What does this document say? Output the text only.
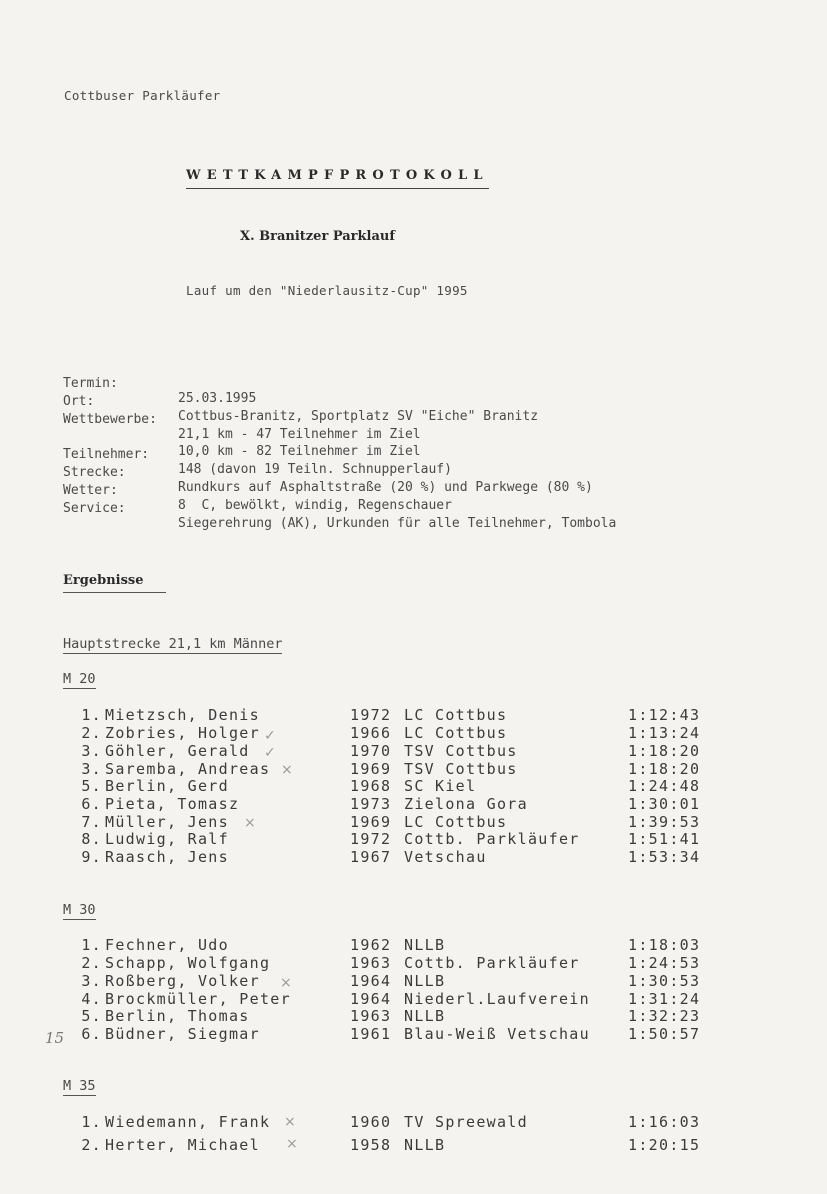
Cottbuser Parkläufer
WETTKAMPFPROTOKOLL
X. Branitzer Parklauf
Lauf um den "Niederlausitz-Cup" 1995

Termin:

25.03.1995

Ort:

Cottbus-Branitz, Sportplatz SV "Eiche" Branitz

Wettbewerbe:

21,1 km - 47 Teilnehmer im Ziel

10,0 km - 82 Teilnehmer im Ziel

Teilnehmer:

148 (davon 19 Teiln. Schnupperlauf)

Strecke:

Rundkurs auf Asphaltstraße (20 %) und Parkwege (80 %)

Wetter:

8  C, bewölkt, windig, Regenschauer

Service:

Siegerehrung (AK), Urkunden für alle Teilnehmer, Tombola

Ergebnisse
Hauptstrecke 21,1 km Männer
M 20
1. Mietzsch, Denis	1972 LC Cottbus	1:12:43
2. Zobries, Holger	1966 LC Cottbus	1:13:24
3. Göhler, Gerald	1970 TSV Cottbus	1:18:20
3. Saremba, Andreas	1969 TSV Cottbus	1:18:20
5. Berlin, Gerd	1968 SC Kiel	1:24:48
6. Pieta, Tomasz	1973 Zielona Gora	1:30:01
7. Müller, Jens	1969 LC Cottbus	1:39:53
8. Ludwig, Ralf	1972 Cottb. Parkläufer	1:51:41
9. Raasch, Jens	1967 Vetschau	1:53:34
M 30
1. Fechner, Udo	1962 NLLB	1:18:03
2. Schapp, Wolfgang	1963 Cottb. Parkläufer	1:24:53
3. Roßberg, Volker	1964 NLLB	1:30:53
4. Brockmüller, Peter	1964 Niederl.Laufverein	1:31:24
5. Berlin, Thomas	1963 NLLB	1:32:23
6. Büdner, Siegmar	1961 Blau-Weiß Vetschau	1:50:57
M 35
1. Wiedemann, Frank	1960 TV Spreewald	1:16:03
2. Herter, Michael	1958 NLLB	1:20:15
✓
✓
×
×
×
×
×
15
